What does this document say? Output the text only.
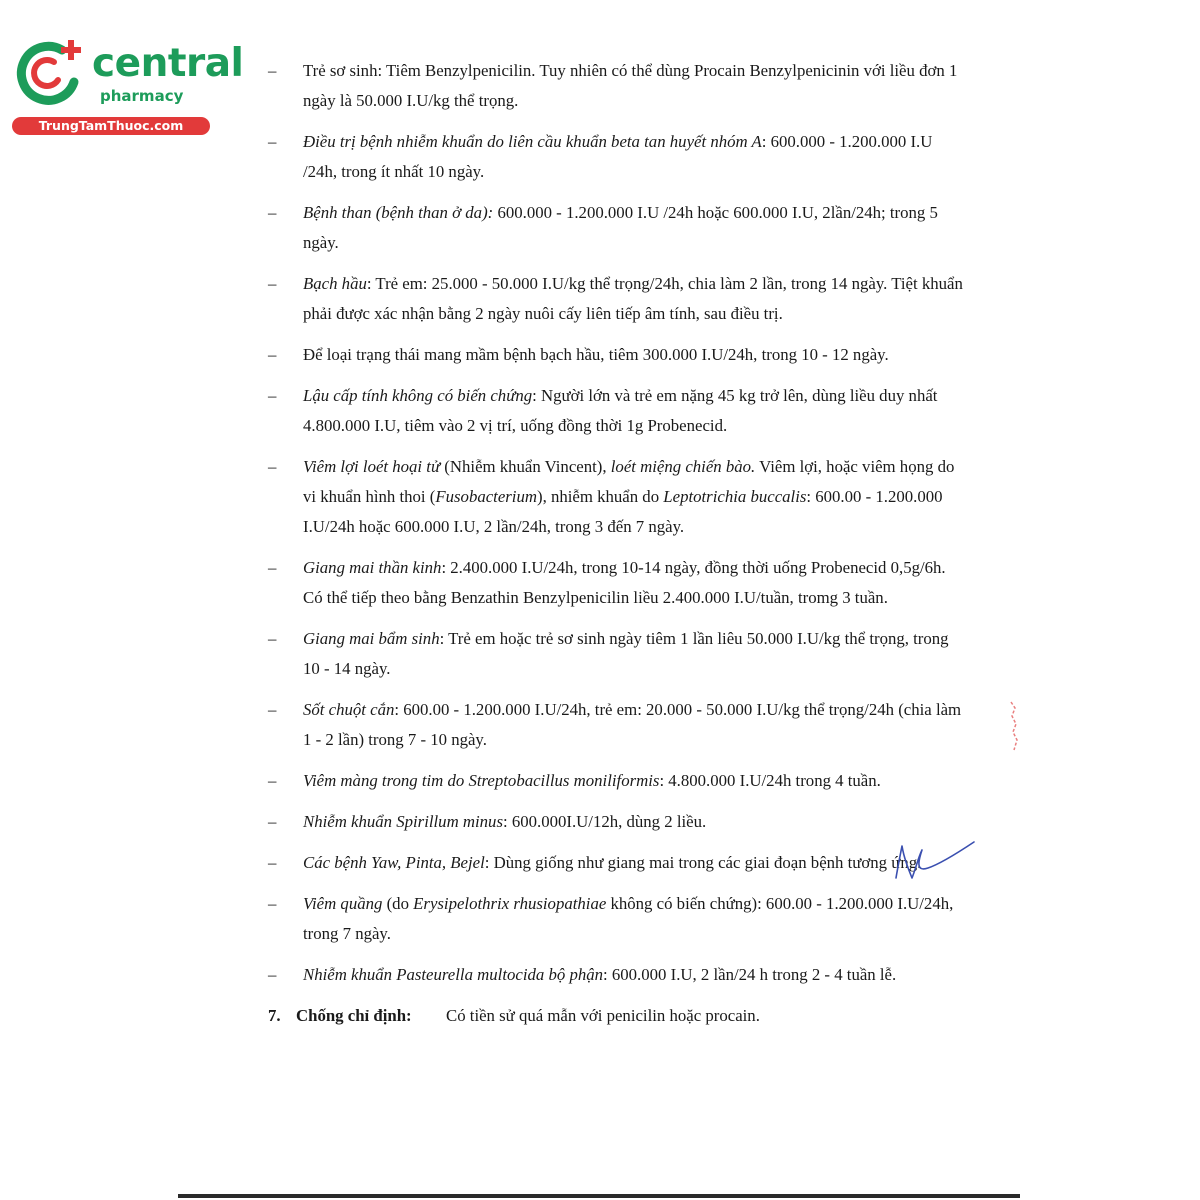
central
pharmacy
TrungTamThuoc.com
–	Trẻ sơ sinh: Tiêm Benzylpenicilin. Tuy nhiên có thể dùng Procain Benzylpenicinin với liều đơn 1 ngày là 50.000 I.U/kg thể trọng.
–	Điều trị bệnh nhiễm khuẩn do liên cầu khuẩn beta tan huyết nhóm A: 600.000 - 1.200.000 I.U /24h, trong ít nhất 10 ngày.
–	Bệnh than (bệnh than ở da): 600.000 - 1.200.000 I.U /24h hoặc 600.000 I.U, 2lần/24h; trong 5 ngày.
–	Bạch hầu: Trẻ em: 25.000 - 50.000 I.U/kg thể trọng/24h, chia làm 2 lần, trong 14 ngày. Tiệt khuẩn phải được xác nhận bằng 2 ngày nuôi cấy liên tiếp âm tính, sau điều trị.
–	Để loại trạng thái mang mầm bệnh bạch hầu, tiêm 300.000 I.U/24h, trong 10 - 12 ngày.
–	Lậu cấp tính không có biến chứng: Người lớn và trẻ em nặng 45 kg trở lên, dùng liều duy nhất 4.800.000 I.U, tiêm vào 2 vị trí, uống đồng thời 1g Probenecid.
–	Viêm lợi loét hoại tử (Nhiễm khuẩn Vincent), loét miệng chiến bào. Viêm lợi, hoặc viêm họng do vi khuẩn hình thoi (Fusobacterium), nhiễm khuẩn do Leptotrichia buccalis: 600.00 - 1.200.000 I.U/24h hoặc 600.000 I.U, 2 lần/24h, trong 3 đến 7 ngày.
–	Giang mai thần kinh: 2.400.000 I.U/24h, trong 10-14 ngày, đồng thời uống Probenecid 0,5g/6h. Có thể tiếp theo bằng Benzathin Benzylpenicilin liều 2.400.000 I.U/tuần, tromg 3 tuần.
–	Giang mai bẩm sinh: Trẻ em hoặc trẻ sơ sinh ngày tiêm 1 lần liêu 50.000 I.U/kg thể trọng, trong 10 - 14 ngày.
–	Sốt chuột cắn: 600.00 - 1.200.000 I.U/24h, trẻ em: 20.000 - 50.000 I.U/kg thể trọng/24h (chia làm 1 - 2 lần) trong 7 - 10 ngày.
–	Viêm màng trong tim do Streptobacillus moniliformis: 4.800.000 I.U/24h trong 4 tuần.
–	Nhiễm khuẩn Spirillum minus: 600.000I.U/12h, dùng 2 liều.
–	Các bệnh Yaw, Pinta, Bejel: Dùng giống như giang mai trong các giai đoạn bệnh tương ứng.
–	Viêm quầng (do Erysipelothrix rhusiopathiae không có biến chứng): 600.00 - 1.200.000 I.U/24h, trong 7 ngày.
–	Nhiễm khuẩn Pasteurella multocida bộ phận: 600.000 I.U, 2 lần/24 h trong 2 - 4 tuần lễ.
7. Chống chỉ định:	Có tiền sử quá mẫn với penicilin hoặc procain.
